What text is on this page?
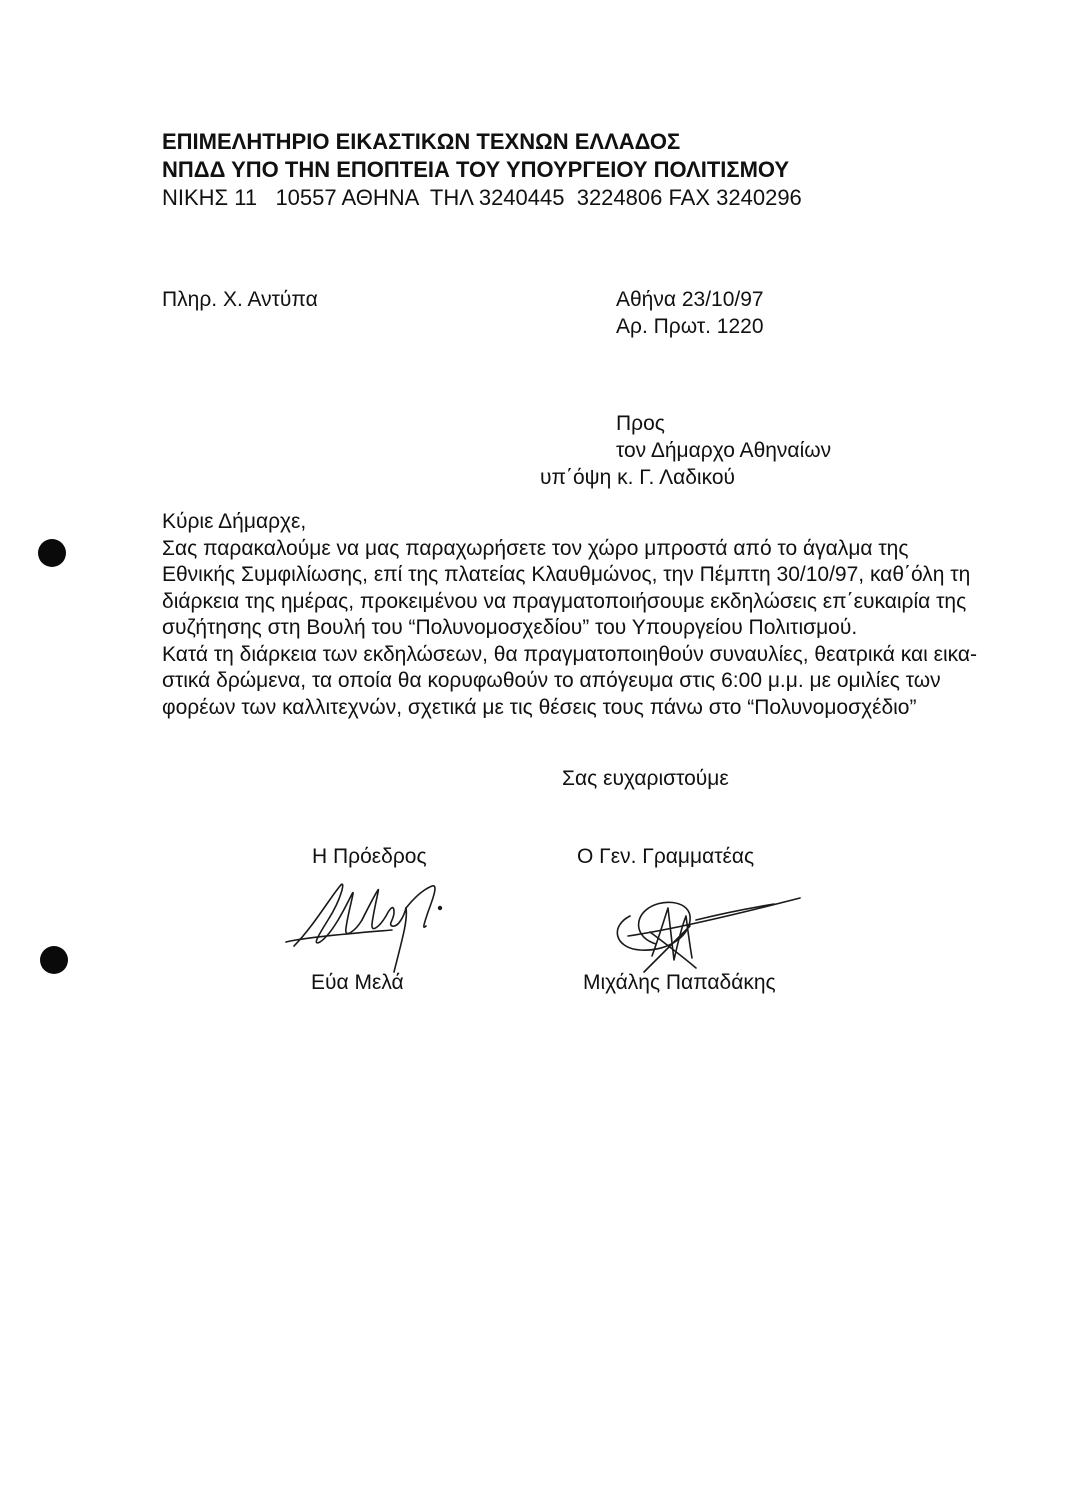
ΕΠΙΜΕΛΗΤΗΡΙΟ ΕΙΚΑΣΤΙΚΩΝ ΤΕΧΝΩΝ ΕΛΛΑΔΟΣ
ΝΠΔΔ ΥΠΟ ΤΗΝ ΕΠΟΠΤΕΙΑ ΤΟΥ ΥΠΟΥΡΓΕΙΟΥ ΠΟΛΙΤΙΣΜΟΥ
ΝΙΚΗΣ 11   10557 ΑΘΗΝΑ  ΤΗΛ 3240445  3224806 FAX 3240296
Πληρ. Χ. Αντύπα	Αθήνα 23/10/97
Αρ. Πρωτ. 1220
Προς
τον Δήμαρχο Αθηναίων
υπ΄όψη κ. Γ. Λαδικού
Κύριε Δήμαρχε,
Σας παρακαλούμε να μας παραχωρήσετε τον χώρο μπροστά από το άγαλμα της
Εθνικής Συμφιλίωσης, επί της πλατείας Κλαυθμώνος, την Πέμπτη 30/10/97, καθ΄όλη τη
διάρκεια της ημέρας, προκειμένου να πραγματοποιήσουμε εκδηλώσεις επ΄ευκαιρία της
συζήτησης στη Βουλή του “Πολυνομοσχεδίου” του Υπουργείου Πολιτισμού.
Κατά τη διάρκεια των εκδηλώσεων, θα πραγματοποιηθούν συναυλίες, θεατρικά και εικα-
στικά δρώμενα, τα οποία θα κορυφωθούν το απόγευμα στις 6:00 μ.μ. με ομιλίες των
φορέων των καλλιτεχνών, σχετικά με τις θέσεις τους πάνω στο “Πολυνομοσχέδιο”
Σας ευχαριστούμε
Η Πρόεδρος	Ο Γεν. Γραμματέας
Εύα Μελά	Μιχάλης Παπαδάκης
